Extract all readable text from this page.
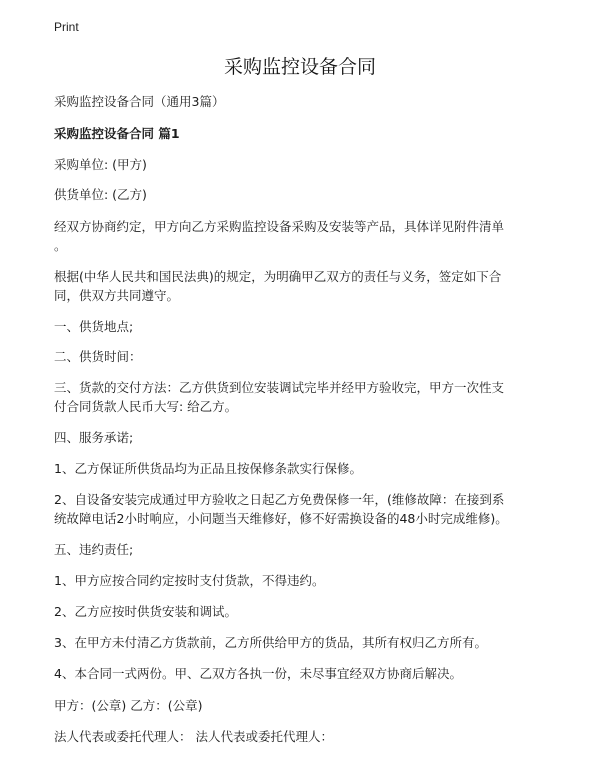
Print
采购监控设备合同
采购监控设备合同（通用3篇）
采购监控设备合同 篇1
采购单位: (甲方)
供货单位: (乙方)
经双方协商约定，甲方向乙方采购监控设备采购及安装等产品，具体详见附件清单
。
根据(中华人民共和国民法典)的规定，为明确甲乙双方的责任与义务，签定如下合
同，供双方共同遵守。
一、供货地点;
二、供货时间：
三、货款的交付方法：乙方供货到位安装调试完毕并经甲方验收完，甲方一次性支
付合同货款人民币大写: 给乙方。
四、服务承诺;
1、乙方保证所供货品均为正品且按保修条款实行保修。
2、自设备安装完成通过甲方验收之日起乙方免费保修一年，(维修故障：在接到系
统故障电话2小时响应，小问题当天维修好，修不好需换设备的48小时完成维修)。
五、违约责任;
1、甲方应按合同约定按时支付货款，不得违约。
2、乙方应按时供货安装和调试。
3、在甲方未付清乙方货款前，乙方所供给甲方的货品，其所有权归乙方所有。
4、本合同一式两份。甲、乙双方各执一份，未尽事宜经双方协商后解决。
甲方：(公章) 乙方：(公章)
法人代表或委托代理人： 法人代表或委托代理人：
